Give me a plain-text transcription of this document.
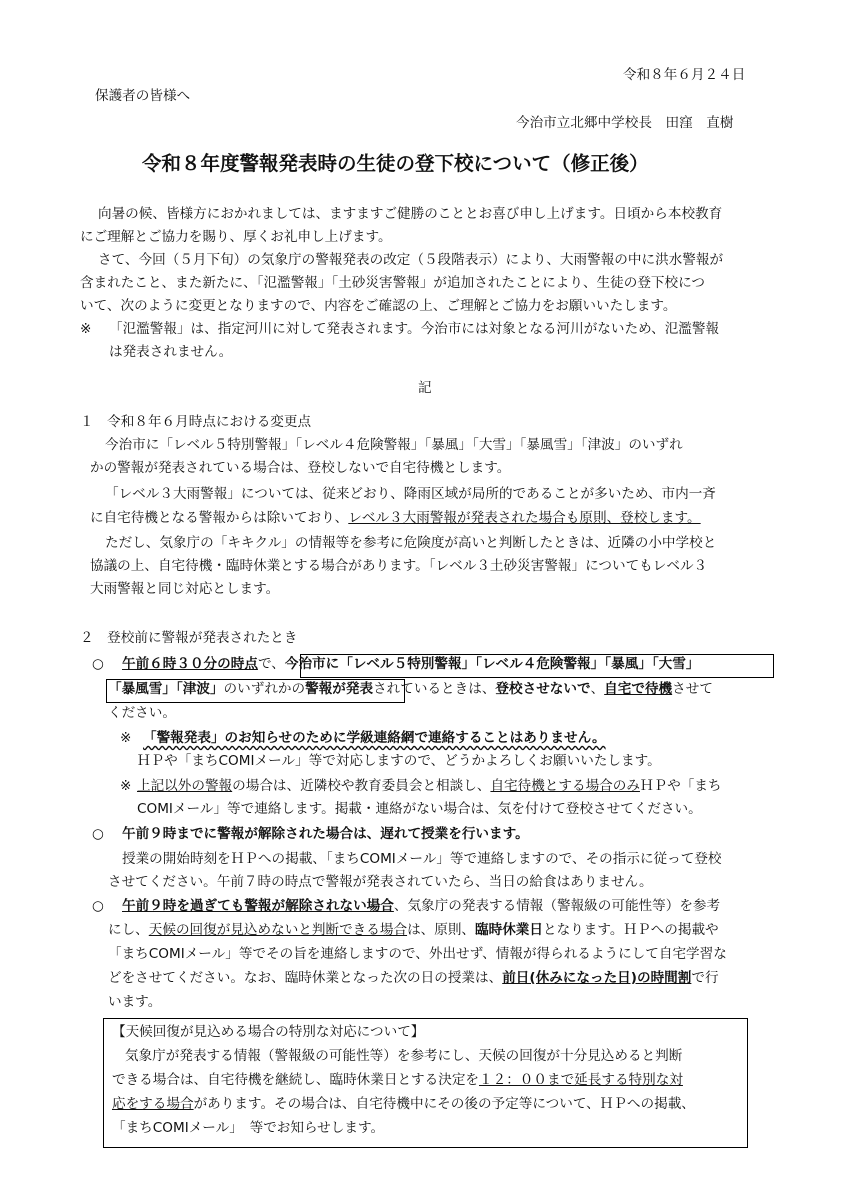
令和８年６月２４日
保護者の皆様へ
今治市立北郷中学校長　田窪　直樹
令和８年度警報発表時の生徒の登下校について（修正後）
向暑の候、皆様方におかれましては、ますますご健勝のこととお喜び申し上げます。日頃から本校教育
にご理解とご協力を賜り、厚くお礼申し上げます。
さて、今回（５月下旬）の気象庁の警報発表の改定（５段階表示）により、大雨警報の中に洪水警報が
含まれたこと、また新たに、「氾濫警報」「土砂災害警報」が追加されたことにより、生徒の登下校につ
いて、次のように変更となりますので、内容をご確認の上、ご理解とご協力をお願いいたします。
※ 「氾濫警報」は、指定河川に対して発表されます。今治市には対象となる河川がないため、氾濫警報
は発表されません。
記
１　令和８年６月時点における変更点
今治市に「レベル５特別警報」「レベル４危険警報」「暴風」「大雪」「暴風雪」「津波」のいずれ
かの警報が発表されている場合は、登校しないで自宅待機とします。
「レベル３大雨警報」については、従来どおり、降雨区域が局所的であることが多いため、市内一斉
に自宅待機となる警報からは除いており、レベル３大雨警報が発表された場合も原則、登校します。
ただし、気象庁の「キキクル」の情報等を参考に危険度が高いと判断したときは、近隣の小中学校と
協議の上、自宅待機・臨時休業とする場合があります。「レベル３土砂災害警報」についてもレベル３
大雨警報と同じ対応とします。
２　登校前に警報が発表されたとき
○ 午前６時３０分の時点で、今治市に「レベル５特別警報」「レベル４危険警報」「暴風」「大雪」
「暴風雪」「津波」のいずれかの警報が発表されているときは、登校させないで、自宅で待機させて
ください。
※ 「警報発表」のお知らせのために学級連絡網で連絡することはありません。
ＨＰや「まちCOMIメール」等で対応しますので、どうかよろしくお願いいたします。
※ 上記以外の警報の場合は、近隣校や教育委員会と相談し、自宅待機とする場合のみＨＰや「まち
COMIメール」等で連絡します。掲載・連絡がない場合は、気を付けて登校させてください。
○ 午前９時までに警報が解除された場合は、遅れて授業を行います。
授業の開始時刻をＨＰへの掲載、「まちCOMIメール」等で連絡しますので、その指示に従って登校
させてください。午前７時の時点で警報が発表されていたら、当日の給食はありません。
○ 午前９時を過ぎても警報が解除されない場合、気象庁の発表する情報（警報級の可能性等）を参考
にし、天候の回復が見込めないと判断できる場合は、原則、臨時休業日となります。ＨＰへの掲載や
「まちCOMIメール」等でその旨を連絡しますので、外出せず、情報が得られるようにして自宅学習な
どをさせてください。なお、臨時休業となった次の日の授業は、前日(休みになった日)の時間割で行
います。
【天候回復が見込める場合の特別な対応について】
気象庁が発表する情報（警報級の可能性等）を参考にし、天候の回復が十分見込めると判断
できる場合は、自宅待機を継続し、臨時休業日とする決定を１２：００まで延長する特別な対
応をする場合があります。その場合は、自宅待機中にその後の予定等について、ＨＰへの掲載、
「まちCOMIメール」　等でお知らせします。
